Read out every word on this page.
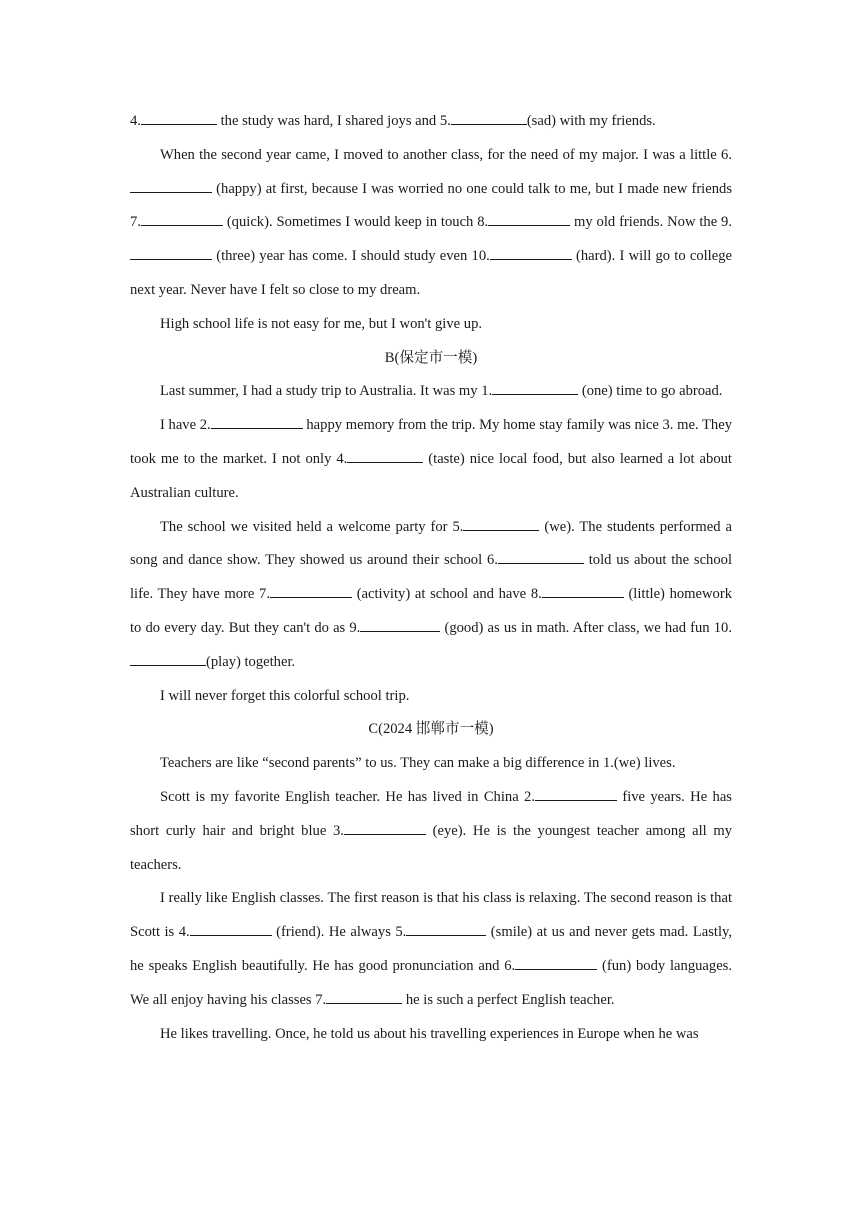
4.	the study was hard, I shared joys and 5.	(sad) with my friends.

When the second year came, I moved to another class, for the need of my major. I was a little 6. (happy) at first, because I was worried no one could talk to me, but I made new friends 7.	(quick). Sometimes I would keep in touch 8.	my old friends. Now the 9. (three) year has come. I should study even 10.	(hard). I will go to college next year. Never have I felt so close to my dream.

High school life is not easy for me, but I won't give up.

B(保定市一模)

Last summer, I had a study trip to Australia. It was my 1.	(one) time to go abroad.

I have 2.	happy memory from the trip. My home stay family was nice 3. me. They took me to the market. I not only 4.	(taste) nice local food, but also learned a lot about Australian culture.

The school we visited held a welcome party for 5.	(we). The students performed a song and dance show. They showed us around their school 6.	told us about the school life. They have more 7.	(activity) at school and have 8.	(little) homework to do every day. But they can't do as 9.	(good) as us in math. After class, we had fun 10.(play) together.

I will never forget this colorful school trip.

C(2024 邯郸市一模)

Teachers are like “second parents” to us. They can make a big difference in 1.(we) lives.

Scott is my favorite English teacher. He has lived in China 2.	five years. He has short curly hair and bright blue 3.	(eye). He is the youngest teacher among all my teachers.

I really like English classes. The first reason is that his class is relaxing. The second reason is that Scott is 4.	(friend). He always 5.	(smile) at us and never gets mad. Lastly, he speaks English beautifully. He has good pronunciation and 6.	(fun) body languages. We all enjoy having his classes 7.	he is such a perfect English teacher.

He likes travelling. Once, he told us about his travelling experiences in Europe when he was
